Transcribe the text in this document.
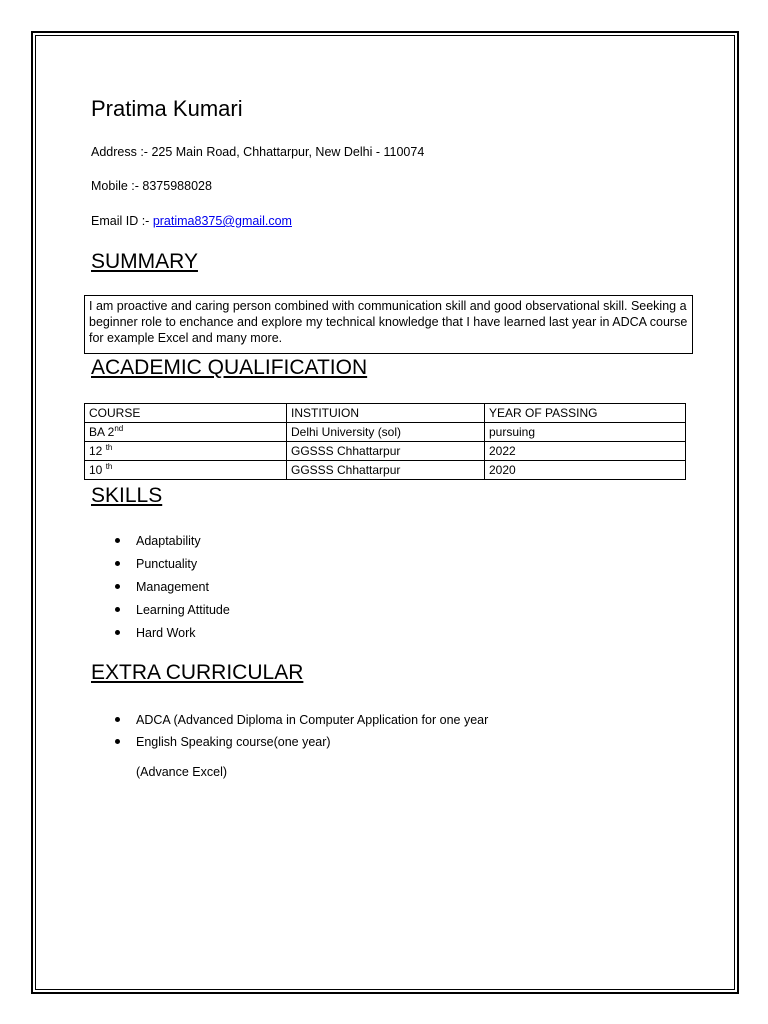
Pratima Kumari
Address :- 225 Main Road, Chhattarpur, New Delhi - 110074
Mobile :- 8375988028
Email ID :- pratima8375@gmail.com
SUMMARY
I am proactive and caring person combined with communication skill and good observational skill. Seeking a beginner role to enchance and explore my technical knowledge that I have learned last year in ADCA course for example Excel and many more.
ACADEMIC QUALIFICATION
COURSE	INSTITUION	YEAR OF PASSING
BA 2nd	Delhi University (sol)	pursuing
12 $^{th}$	GGSSS Chhattarpur	2022
10 $^{th}$	GGSSS Chhattarpur	2020
SKILLS
Adaptability
Punctuality
Management
Learning Attitude
Hard Work
EXTRA CURRICULAR
ADCA (Advanced Diploma in Computer Application for one year
English Speaking course(one year)
(Advance Excel)
